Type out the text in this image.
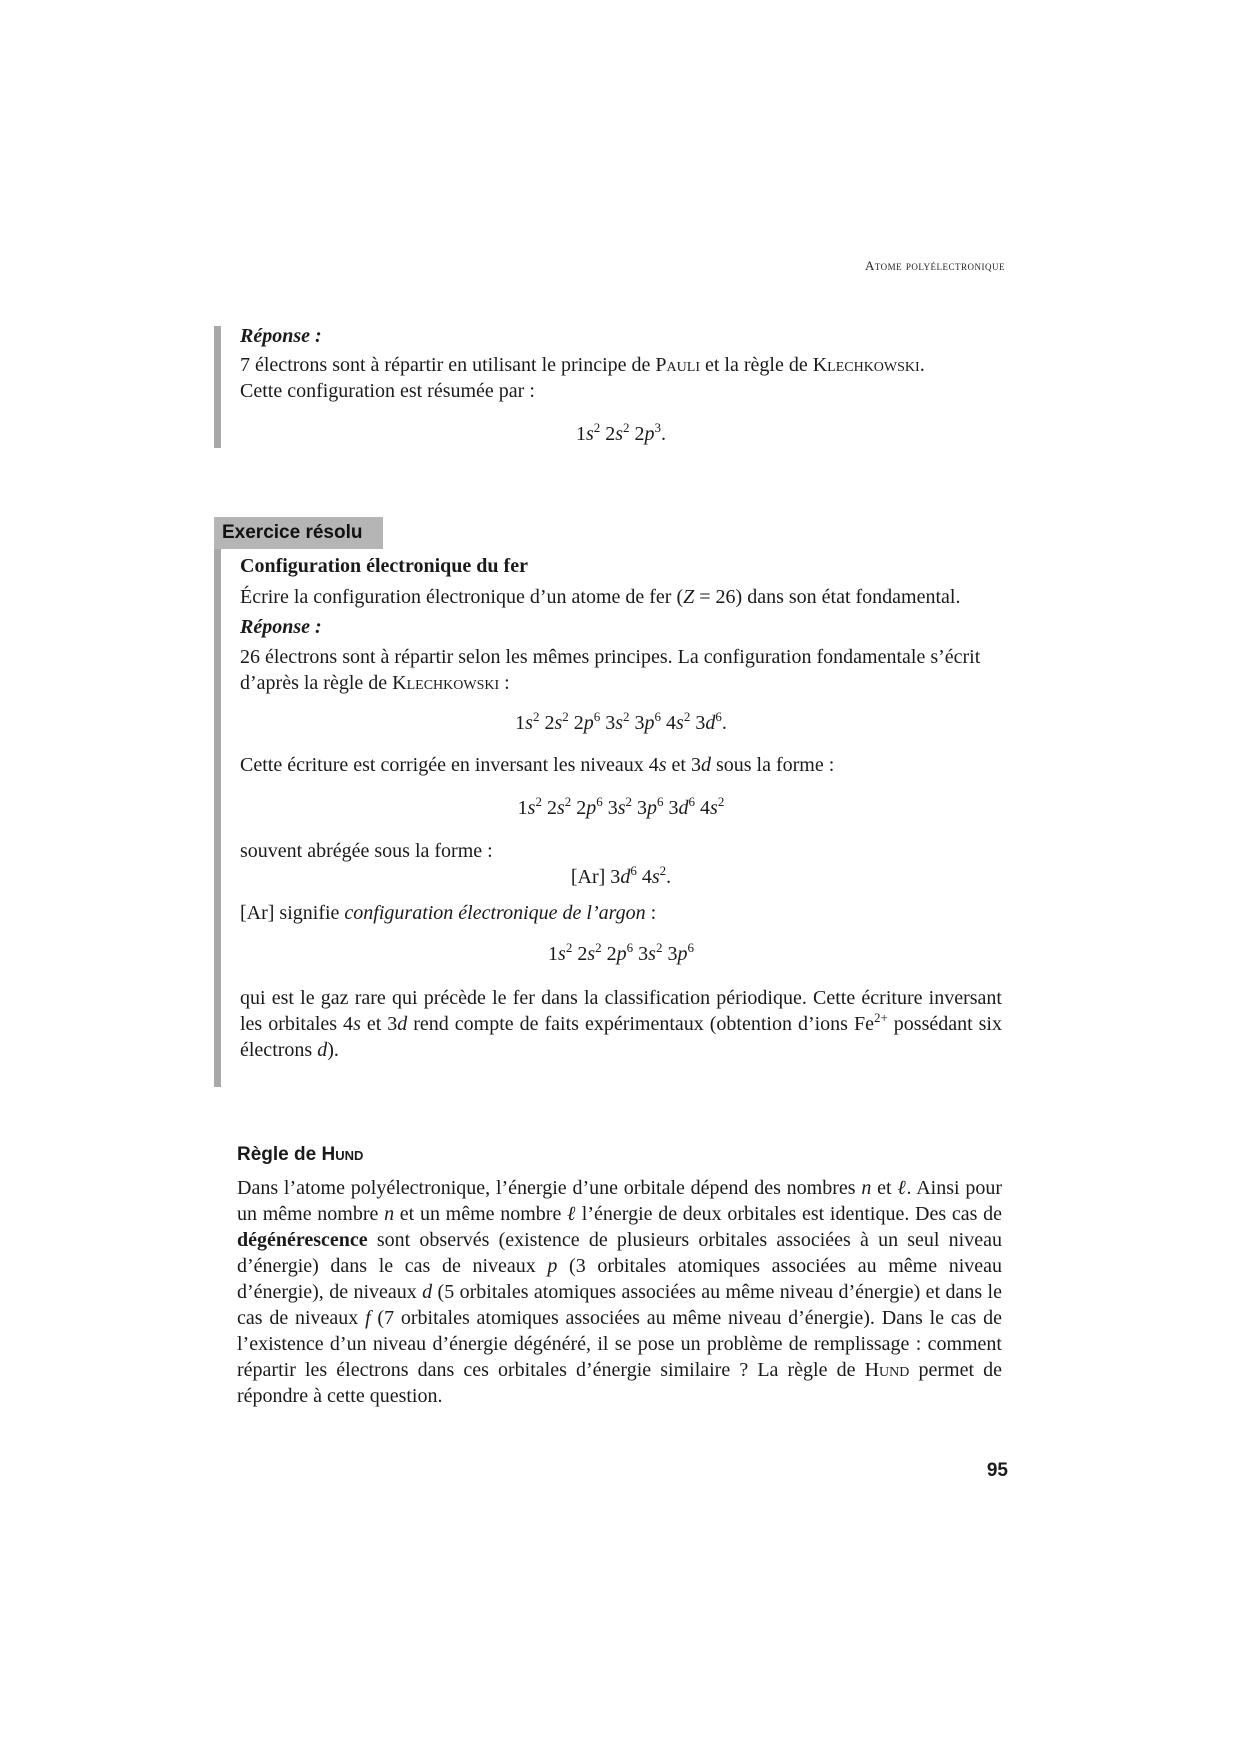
Atome polyélectronique

Réponse :

7 électrons sont à répartir en utilisant le principe de Pauli et la règle de Klechkowski.

Cette configuration est résumée par :

$1s^2$ $2s^2$ $2p^3$.
Exercice résolu

Configuration électronique du fer

Écrire la configuration électronique d’un atome de fer (Z = 26) dans son état fondamental.

Réponse :

26 électrons sont à répartir selon les mêmes principes. La configuration fondamentale s’écrit d’après la règle de Klechkowski :

$1s^2$ $2s^2$ $2p^6$ $3s^2$ $3p^6$ $4s^2$ $3d^6$.

Cette écriture est corrigée en inversant les niveaux 4s et 3d sous la forme :

$1s^2$ $2s^2$ $2p^6$ $3s^2$ $3p^6$ $3d^6$ $4s^2$

souvent abrégée sous la forme :

[Ar] $3d^6$ $4s^2$.

[Ar] signifie configuration électronique de l’argon :

$1s^2$ $2s^2$ $2p^6$ $3s^2$ $3p^6$

qui est le gaz rare qui précède le fer dans la classification périodique. Cette écriture inversant les orbitales 4s et 3d rend compte de faits expérimentaux (obtention d’ions $Fe^{2+}$ possédant six électrons d).

Règle de Hund

Dans l’atome polyélectronique, l’énergie d’une orbitale dépend des nombres n et ℓ. Ainsi pour un même nombre n et un même nombre ℓ l’énergie de deux orbitales est identique. Des cas de dégénérescence sont observés (existence de plusieurs orbitales associées à un seul niveau d’énergie) dans le cas de niveaux p (3 orbitales atomiques associées au même niveau d’énergie), de niveaux d (5 orbitales atomiques associées au même niveau d’énergie) et dans le cas de niveaux f (7 orbitales atomiques associées au même niveau d’énergie). Dans le cas de l’existence d’un niveau d’énergie dégénéré, il se pose un problème de remplissage : comment répartir les électrons dans ces orbitales d’énergie similaire ? La règle de Hund permet de répondre à cette question.

95
